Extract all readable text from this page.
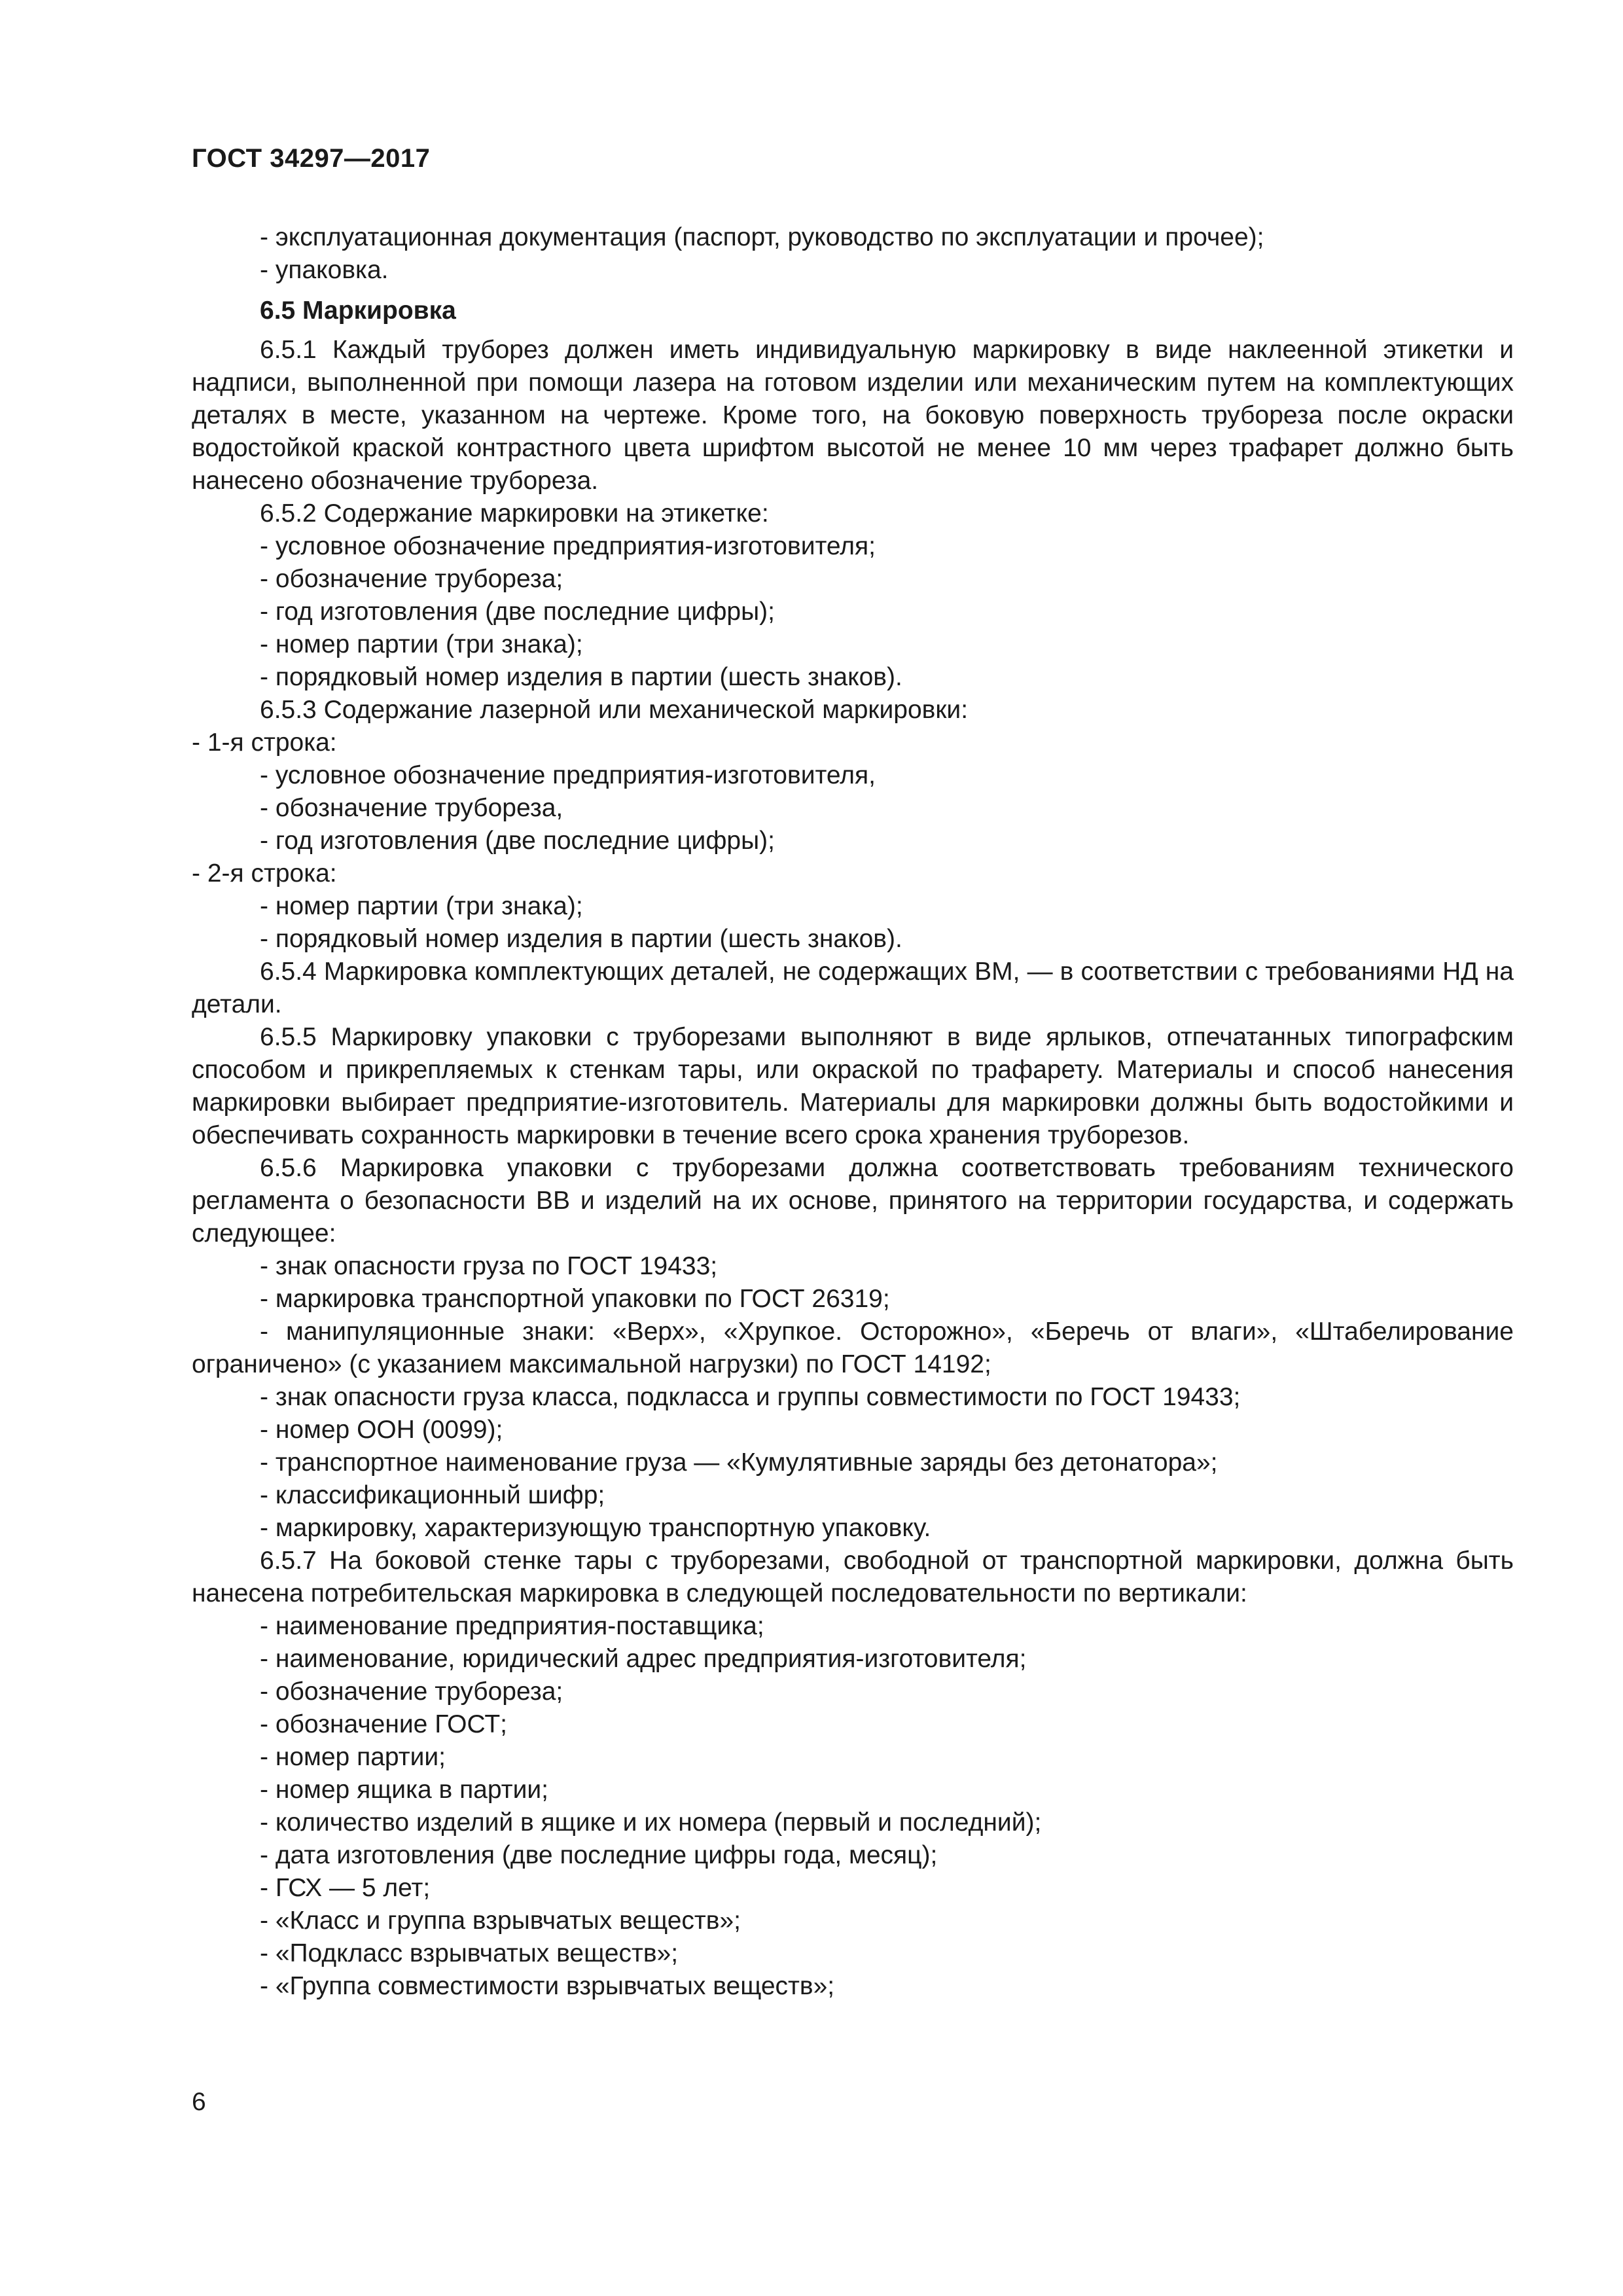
ГОСТ 34297—2017
- эксплуатационная документация (паспорт, руководство по эксплуатации и прочее);
- упаковка.
6.5 Маркировка
6.5.1 Каждый труборез должен иметь индивидуальную маркировку в виде наклеенной этикетки и надписи, выполненной при помощи лазера на готовом изделии или механическим путем на комплектующих деталях в месте, указанном на чертеже. Кроме того, на боковую поверхность трубореза после окраски водостойкой краской контрастного цвета шрифтом высотой не менее 10 мм через трафарет должно быть нанесено обозначение трубореза.
6.5.2 Содержание маркировки на этикетке:
- условное обозначение предприятия-изготовителя;
- обозначение трубореза;
- год изготовления (две последние цифры);
- номер партии (три знака);
- порядковый номер изделия в партии (шесть знаков).
6.5.3 Содержание лазерной или механической маркировки:
- 1-я строка:
- условное обозначение предприятия-изготовителя,
- обозначение трубореза,
- год изготовления (две последние цифры);
- 2-я строка:
- номер партии (три знака);
- порядковый номер изделия в партии (шесть знаков).
6.5.4 Маркировка комплектующих деталей, не содержащих ВМ, — в соответствии с требованиями НД на детали.
6.5.5 Маркировку упаковки с труборезами выполняют в виде ярлыков, отпечатанных типографским способом и прикрепляемых к стенкам тары, или окраской по трафарету. Материалы и способ нанесения маркировки выбирает предприятие-изготовитель. Материалы для маркировки должны быть водостойкими и обеспечивать сохранность маркировки в течение всего срока хранения труборезов.
6.5.6 Маркировка упаковки с труборезами должна соответствовать требованиям технического регламента о безопасности ВВ и изделий на их основе, принятого на территории государства, и содержать следующее:
- знак опасности груза по ГОСТ 19433;
- маркировка транспортной упаковки по ГОСТ 26319;
- манипуляционные знаки: «Верх», «Хрупкое. Осторожно», «Беречь от влаги», «Штабелирование ограничено» (с указанием максимальной нагрузки) по ГОСТ 14192;
- знак опасности груза класса, подкласса и группы совместимости по ГОСТ 19433;
- номер ООН (0099);
- транспортное наименование груза — «Кумулятивные заряды без детонатора»;
- классификационный шифр;
- маркировку, характеризующую транспортную упаковку.
6.5.7 На боковой стенке тары с труборезами, свободной от транспортной маркировки, должна быть нанесена потребительская маркировка в следующей последовательности по вертикали:
- наименование предприятия-поставщика;
- наименование, юридический адрес предприятия-изготовителя;
- обозначение трубореза;
- обозначение ГОСТ;
- номер партии;
- номер ящика в партии;
- количество изделий в ящике и их номера (первый и последний);
- дата изготовления (две последние цифры года, месяц);
- ГСХ — 5 лет;
- «Класс и группа взрывчатых веществ»;
- «Подкласс взрывчатых веществ»;
- «Группа совместимости взрывчатых веществ»;
6
